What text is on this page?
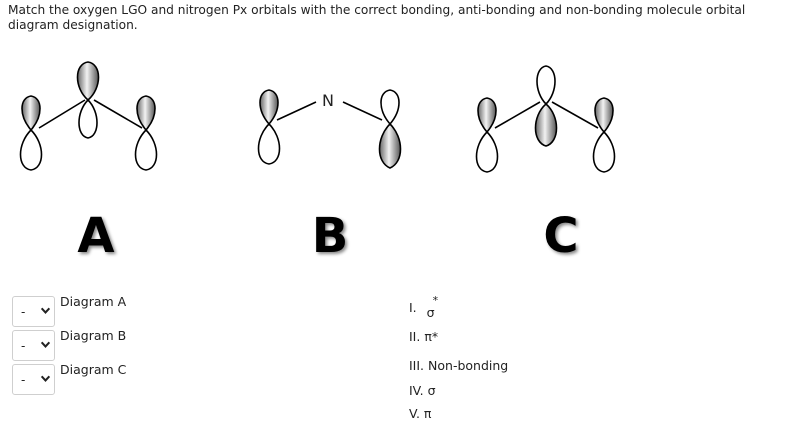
Match the oxygen LGO and nitrogen Px orbitals with the correct bonding, anti-bonding and non-bonding molecule orbital diagram designation.
N
A	B	C
-
Diagram A
-
Diagram B
-
Diagram C
I. σ*
II. π*
III. Non-bonding
IV. σ
V. π
